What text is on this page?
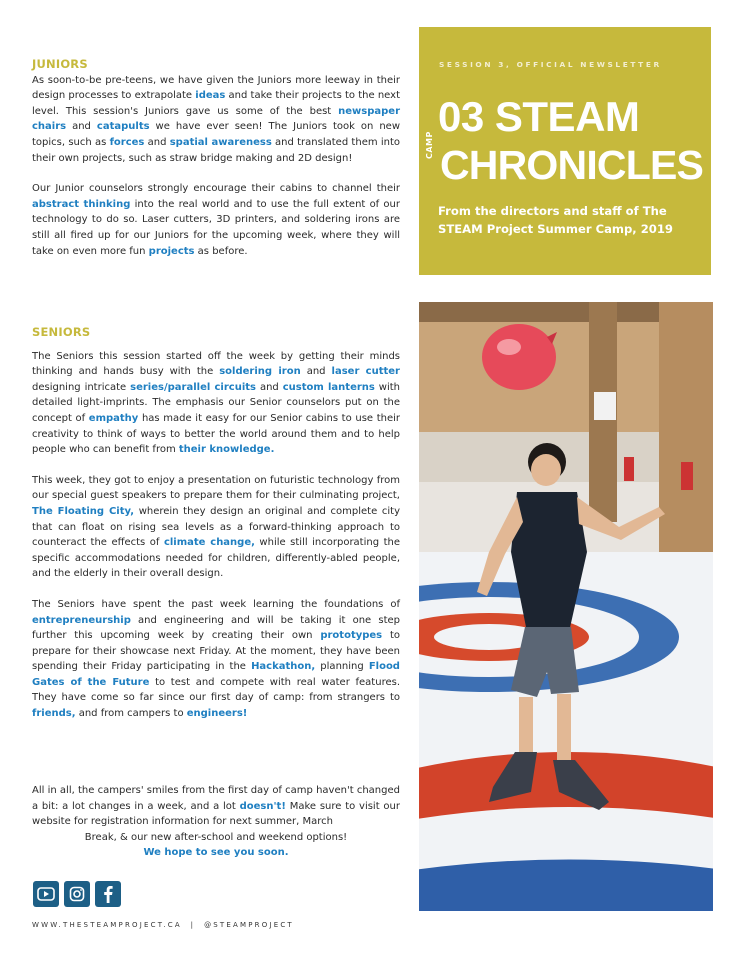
JUNIORS

As soon-to-be pre-teens, we have given the Juniors more leeway in their design processes to extrapolate ideas and take their projects to the next level. This session's Juniors gave us some of the best newspaper chairs and catapults we have ever seen! The Juniors took on new topics, such as forces and spatial awareness and translated them into their own projects, such as straw bridge making and 2D design!

Our Junior counselors strongly encourage their cabins to channel their abstract thinking into the real world and to use the full extent of our technology to do so. Laser cutters, 3D printers, and soldering irons are still all fired up for our Juniors for the upcoming week, where they will take on even more fun projects as before.

SENIORS

The Seniors this session started off the week by getting their minds thinking and hands busy with the soldering iron and laser cutter designing intricate series/parallel circuits and custom lanterns with detailed light-imprints. The emphasis our Senior counselors put on the concept of empathy has made it easy for our Senior cabins to use their creativity to think of ways to better the world around them and to help people who can benefit from their knowledge.

This week, they got to enjoy a presentation on futuristic technology from our special guest speakers to prepare them for their culminating project, The Floating City, wherein they design an original and complete city that can float on rising sea levels as a forward-thinking approach to counteract the effects of climate change, while still incorporating the specific accommodations needed for children, differently-abled people, and the elderly in their overall design.

The Seniors have spent the past week learning the foundations of entrepreneurship and engineering and will be taking it one step further this upcoming week by creating their own prototypes to prepare for their showcase next Friday. At the moment, they have been spending their Friday participating in the Hackathon, planning Flood Gates of the Future to test and compete with real water features. They have come so far since our first day of camp: from strangers to friends, and from campers to engineers!

All in all, the campers' smiles from the first day of camp haven't changed a bit: a lot changes in a week, and a lot doesn't! Make sure to visit our website for registration information for next summer, March

Break, & our new after-school and weekend options!

We hope to see you soon.

SESSION 3, OFFICIAL NEWSLETTER
03 STEAM
CAMP CHRONICLES
From the directors and staff of The STEAM Project Summer Camp, 2019
WWW.THESTEAMPROJECT.CA  |  @STEAMPROJECT
